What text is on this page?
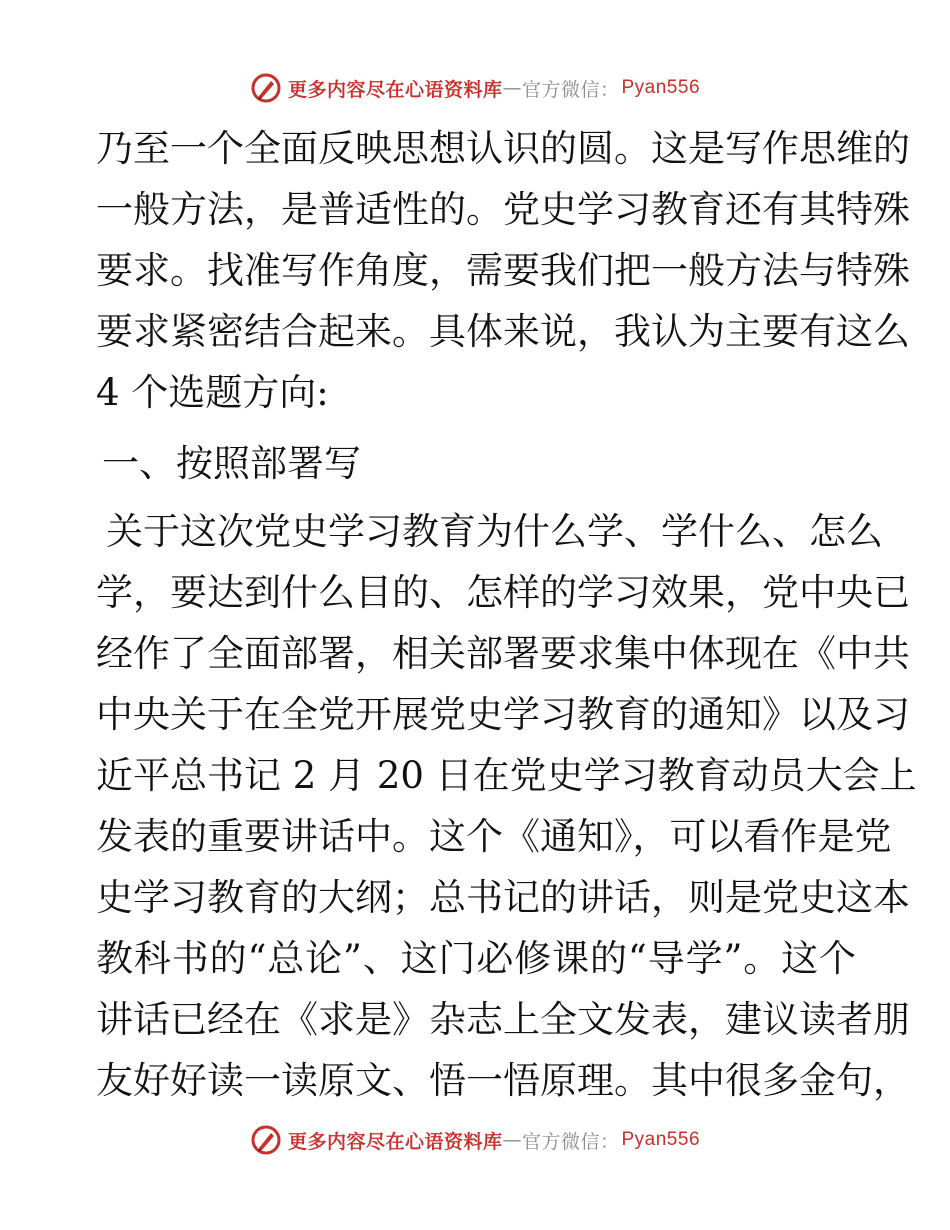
更多内容尽在心语资料库 — 官方微信： Pyan556
乃至一个全面反映思想认识的圆。这是写作思维的
一般方法，是普适性的。党史学习教育还有其特殊
要求。找准写作角度，需要我们把一般方法与特殊
要求紧密结合起来。具体来说，我认为主要有这么
4 个选题方向:
一、按照部署写
关于这次党史学习教育为什么学、学什么、怎么
学，要达到什么目的、怎样的学习效果，党中央已
经作了全面部署，相关部署要求集中体现在《中共
中央关于在全党开展党史学习教育的通知》以及习
近平总书记 2 月 20 日在党史学习教育动员大会上
发表的重要讲话中。这个《通知》，可以看作是党
史学习教育的大纲；总书记的讲话，则是党史这本
教科书的“总论”、这门必修课的“导学”。这个
讲话已经在《求是》杂志上全文发表，建议读者朋
友好好读一读原文、悟一悟原理。其中很多金句，
更多内容尽在心语资料库 — 官方微信： Pyan556
